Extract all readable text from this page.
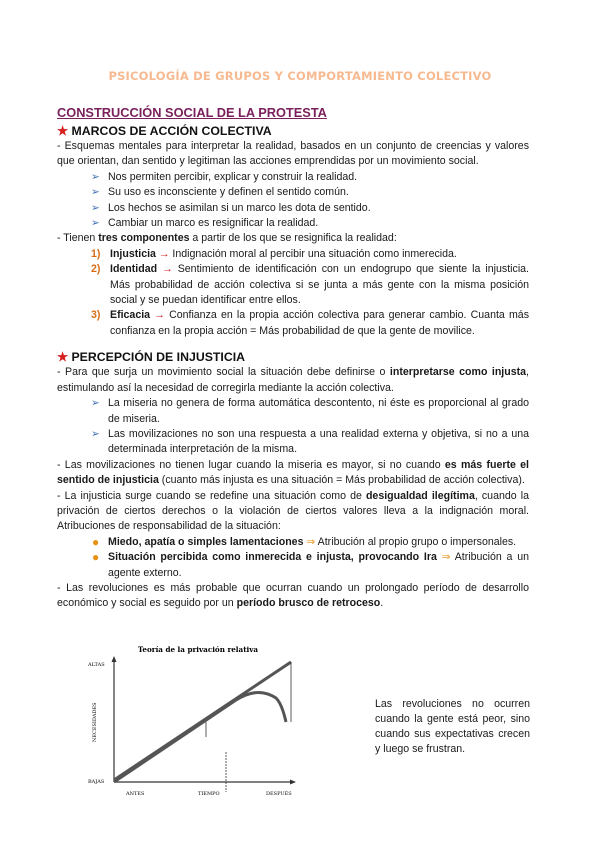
PSICOLOGÍA DE GRUPOS Y COMPORTAMIENTO COLECTIVO
CONSTRUCCIÓN SOCIAL DE LA PROTESTA
★ MARCOS DE ACCIÓN COLECTIVA

- Esquemas mentales para interpretar la realidad, basados en un conjunto de creencias y valores que orientan, dan sentido y legitiman las acciones emprendidas por un movimiento social.

➢ Nos permiten percibir, explicar y construir la realidad.
➢ Su uso es inconsciente y definen el sentido común.
➢ Los hechos se asimilan si un marco les dota de sentido.
➢ Cambiar un marco es resignificar la realidad.

- Tienen tres componentes a partir de los que se resignifica la realidad:

1) Injusticia → Indignación moral al percibir una situación como inmerecida.
2) Identidad → Sentimiento de identificación con un endogrupo que siente la injusticia. Más probabilidad de acción colectiva si se junta a más gente con la misma posición social y se puedan identificar entre ellos.
3) Eficacia → Confianza en la propia acción colectiva para generar cambio. Cuanta más confianza en la propia acción = Más probabilidad de que la gente de movilice.
★ PERCEPCIÓN DE INJUSTICIA

- Para que surja un movimiento social la situación debe definirse o interpretarse como injusta, estimulando así la necesidad de corregirla mediante la acción colectiva.

➢ La miseria no genera de forma automática descontento, ni éste es proporcional al grado de miseria.
➢ Las movilizaciones no son una respuesta a una realidad externa y objetiva, si no a una determinada interpretación de la misma.

- Las movilizaciones no tienen lugar cuando la miseria es mayor, si no cuando es más fuerte el sentido de injusticia (cuanto más injusta es una situación = Más probabilidad de acción colectiva).

- La injusticia surge cuando se redefine una situación como de desigualdad ilegítima, cuando la privación de ciertos derechos o la violación de ciertos valores lleva a la indignación moral. Atribuciones de responsabilidad de la situación:

● Miedo, apatía o simples lamentaciones ⇒ Atribución al propio grupo o impersonales.
● Situación percibida como inmerecida e injusta, provocando Ira ⇒ Atribución a un agente externo.

- Las revoluciones es más probable que ocurran cuando un prolongado período de desarrollo económico y social es seguido por un período brusco de retroceso.

Teoría de la privación relativa
ALTAS
BAJAS
NECESIDADES
ANTES	TIEMPO	DESPUÉS
Las revoluciones no ocurren cuando la gente está peor, sino cuando sus expectativas crecen y luego se frustran.
